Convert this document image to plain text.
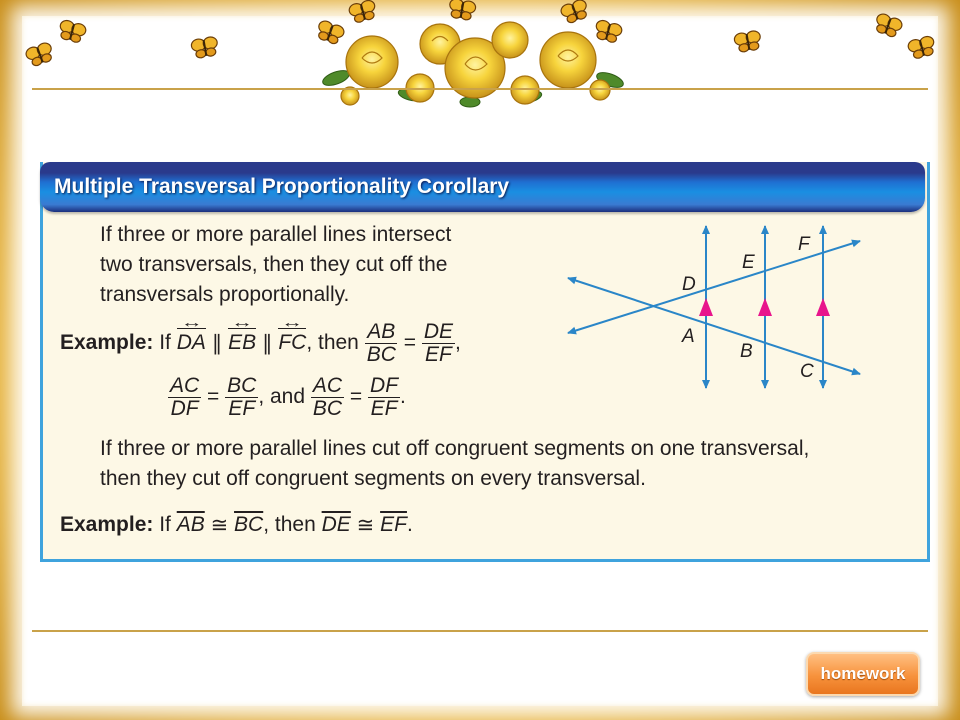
Multiple Transversal Proportionality Corollary
If three or more parallel lines intersect
two transversals, then they cut off the
transversals proportionally.
Example:
If
DA ↔
∥
EB ↔
∥
FC ↔ , then
$\frac{AB}{BC}$
=
$\frac{DE}{EF}$ ,
$\frac{AC}{DF}$
=
$\frac{BC}{EF}$ , and
$\frac{AC}{BC}$
=
$\frac{DF}{EF}$ .
If three or more parallel lines cut off congruent segments on one transversal,
then they cut off congruent segments on every transversal.
Example:
If
$\overline{AB}$
≅
$\overline{BC}$ , then
$\overline{DE}$
≅
$\overline{EF}$ .
D
E
F
A
B
C
homework
